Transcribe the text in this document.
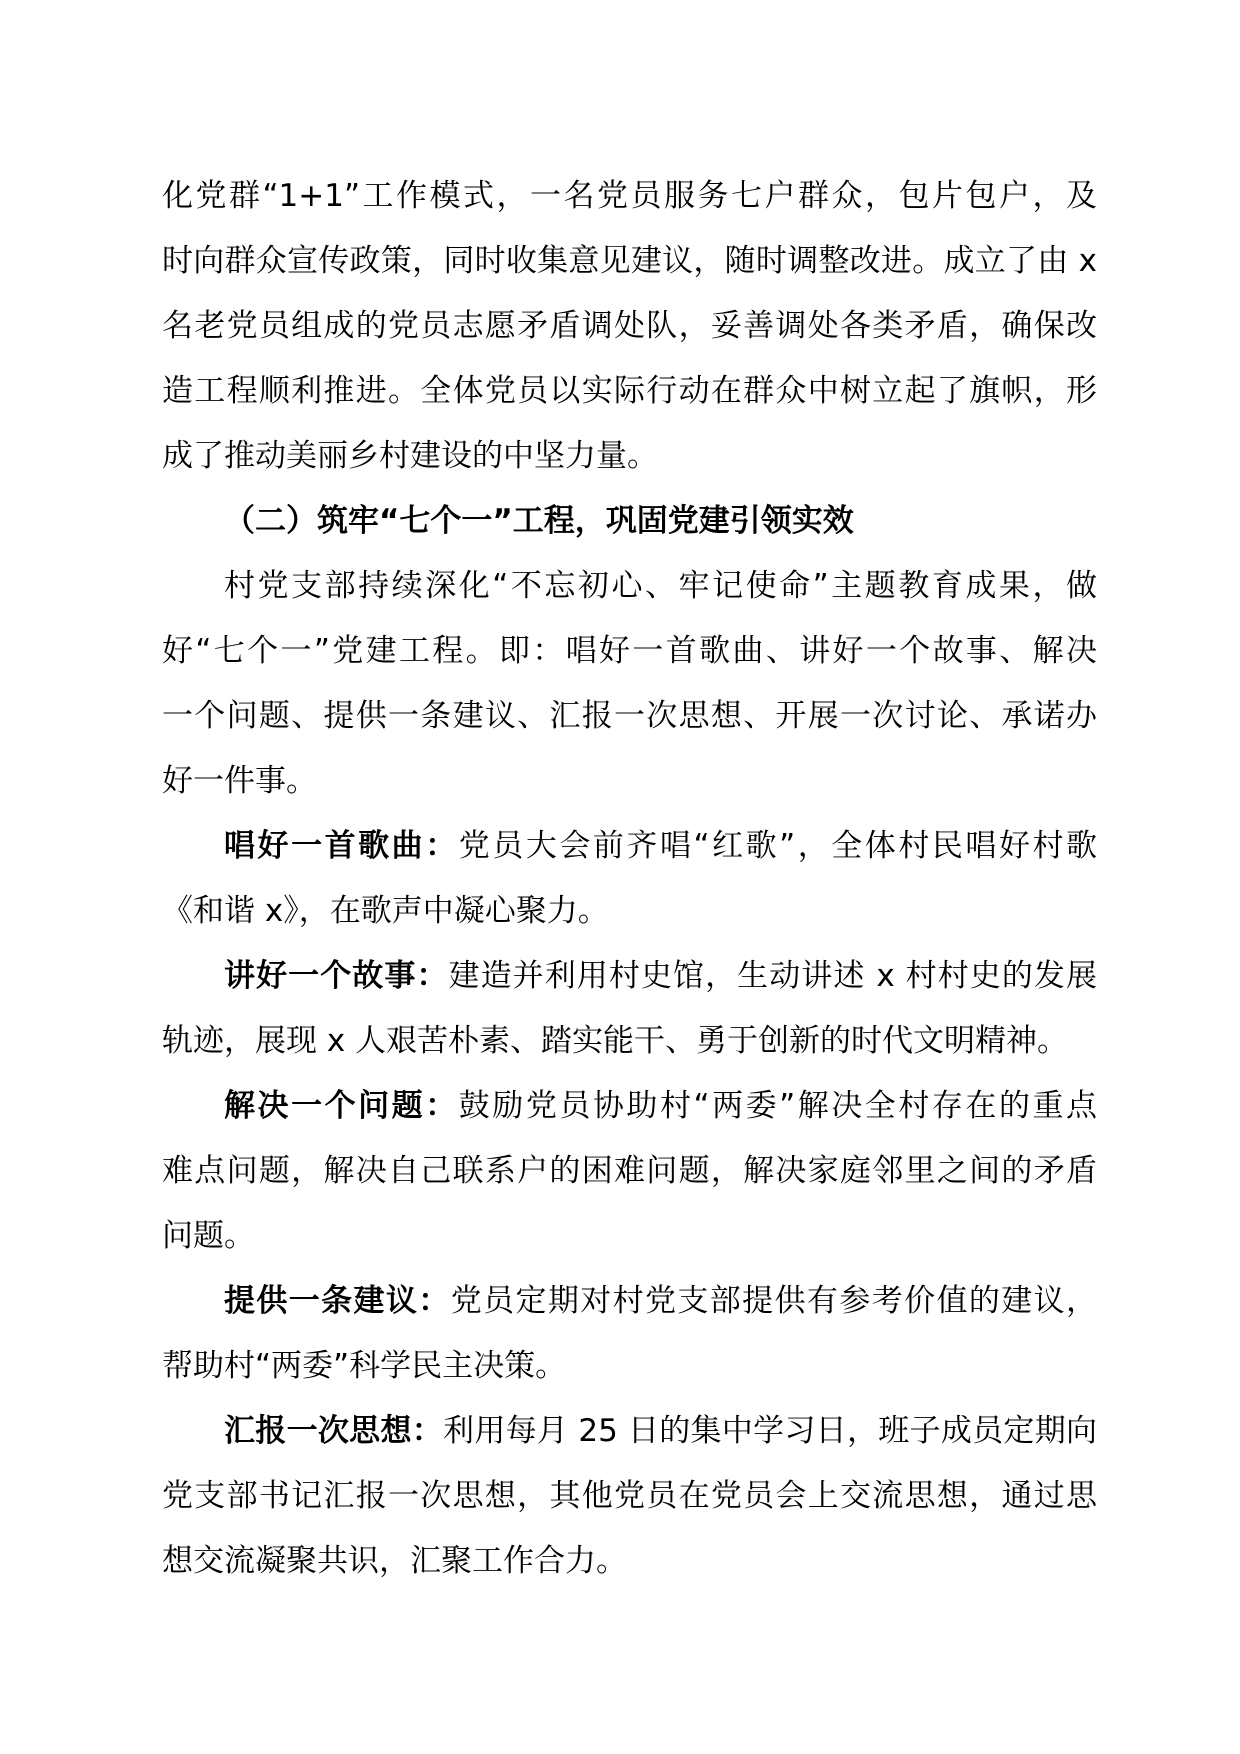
化党群“1+1”工作模式，一名党员服务七户群众，包片包户，及
时向群众宣传政策，同时收集意见建议，随时调整改进。成立了由 x
名老党员组成的党员志愿矛盾调处队，妥善调处各类矛盾，确保改
造工程顺利推进。全体党员以实际行动在群众中树立起了旗帜，形
成了推动美丽乡村建设的中坚力量。
（二）筑牢“七个一”工程，巩固党建引领实效
村党支部持续深化“不忘初心、牢记使命”主题教育成果，做
好“七个一”党建工程。即：唱好一首歌曲、讲好一个故事、解决
一个问题、提供一条建议、汇报一次思想、开展一次讨论、承诺办
好一件事。
唱好一首歌曲：党员大会前齐唱“红歌”，全体村民唱好村歌
《和谐 x》，在歌声中凝心聚力。
讲好一个故事：建造并利用村史馆，生动讲述 x 村村史的发展
轨迹，展现 x 人艰苦朴素、踏实能干、勇于创新的时代文明精神。
解决一个问题：鼓励党员协助村“两委”解决全村存在的重点
难点问题，解决自己联系户的困难问题，解决家庭邻里之间的矛盾
问题。
提供一条建议：党员定期对村党支部提供有参考价值的建议，
帮助村“两委”科学民主决策。
汇报一次思想：利用每月 25 日的集中学习日，班子成员定期向
党支部书记汇报一次思想，其他党员在党员会上交流思想，通过思
想交流凝聚共识，汇聚工作合力。
